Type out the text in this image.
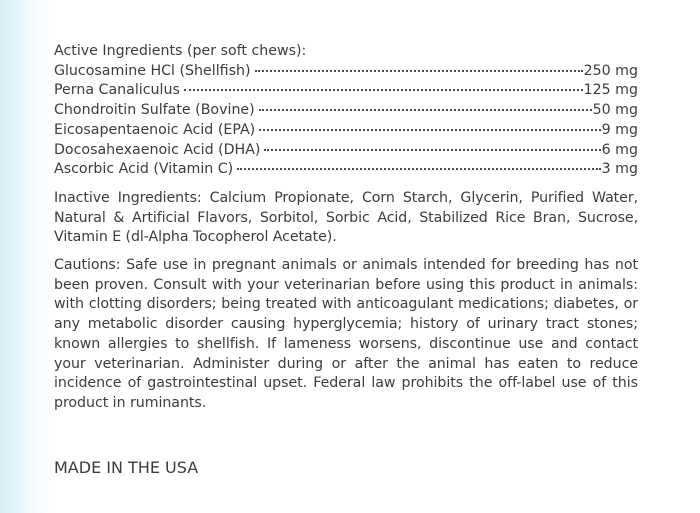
Active Ingredients (per soft chews):
Glucosamine HCl (Shellfish)	250 mg
Perna Canaliculus	125 mg
Chondroitin Sulfate (Bovine)	50 mg
Eicosapentaenoic Acid (EPA)	9 mg
Docosahexaenoic Acid (DHA)	6 mg
Ascorbic Acid (Vitamin C)	3 mg

Inactive Ingredients: Calcium Propionate, Corn Starch, Glycerin, Purified Water, Natural & Artificial Flavors, Sorbitol, Sorbic Acid, Stabilized Rice Bran, Sucrose, Vitamin E (dl-Alpha Tocopherol Acetate).

Cautions: Safe use in pregnant animals or animals intended for breeding has not been proven. Consult with your veterinarian before using this product in animals: with clotting disorders; being treated with anticoagulant medications; diabetes, or any metabolic disorder causing hyperglycemia; history of urinary tract stones; known allergies to shellfish. If lameness worsens, discontinue use and contact your veterinarian. Administer during or after the animal has eaten to reduce incidence of gastrointestinal upset. Federal law prohibits the off-label use of this product in ruminants.

MADE IN THE USA
